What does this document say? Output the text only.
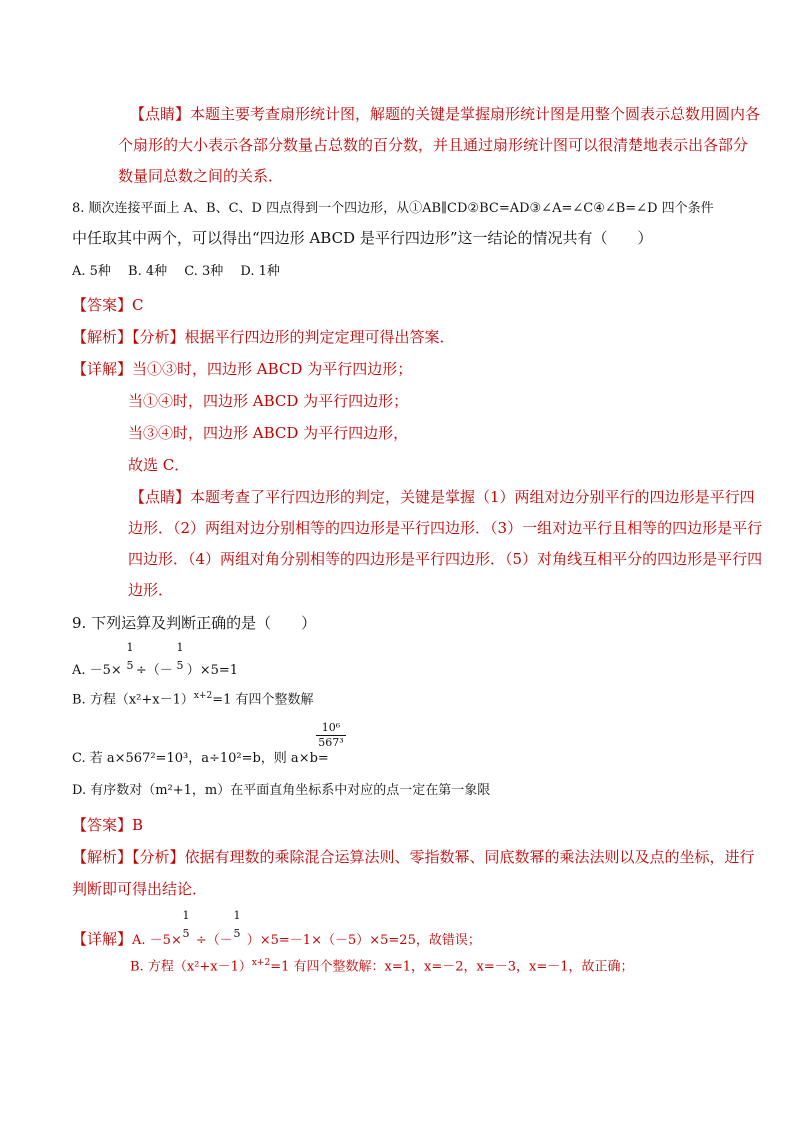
【点睛】本题主要考查扇形统计图，解题的关键是掌握扇形统计图是用整个圆表示总数用圆内各
个扇形的大小表示各部分数量占总数的百分数，并且通过扇形统计图可以很清楚地表示出各部分
数量同总数之间的关系．
8. 顺次连接平面上 A、B、C、D 四点得到一个四边形，从①AB∥CD②BC=AD③∠A=∠C④∠B=∠D 四个条件
中任取其中两个，可以得出“四边形 ABCD 是平行四边形”这一结论的情况共有（　　）
A. 5种　 B. 4种　 C. 3种　 D. 1种
【答案】C
【解析】【分析】根据平行四边形的判定定理可得出答案．
【详解】当①③时，四边形 ABCD 为平行四边形；
当①④时，四边形 ABCD 为平行四边形；
当③④时，四边形 ABCD 为平行四边形，
故选 C．
【点睛】本题考查了平行四边形的判定，关键是掌握（1）两组对边分别平行的四边形是平行四
边形．（2）两组对边分别相等的四边形是平行四边形．（3）一组对边平行且相等的四边形是平行
四边形．（4）两组对角分别相等的四边形是平行四边形．（5）对角线互相平分的四边形是平行四
边形．
9. 下列运算及判断正确的是（　　）
A. －5× ÷（－ ）×5=1
1
5
1
5
B. 方程$(x^2+x-1)^{x+2}=1$ 有四个整数解
C. 若 a×567²=10³，a÷10²=b，则 a×b=
10⁶
567³
D. 有序数对（m²+1，m）在平面直角坐标系中对应的点一定在第一象限
【答案】B
【解析】【分析】依据有理数的乘除混合运算法则、零指数幂、同底数幂的乘法法则以及点的坐标，进行
判断即可得出结论．
【详解】A. －5× ÷（－ ）×5=－1×（－5）×5=25，故错误；
1
5
1
5
B. 方程$(x^2+x-1)^{x+2}=1$ 有四个整数解：x=1，x=－2，x=－3，x=－1，故正确；
